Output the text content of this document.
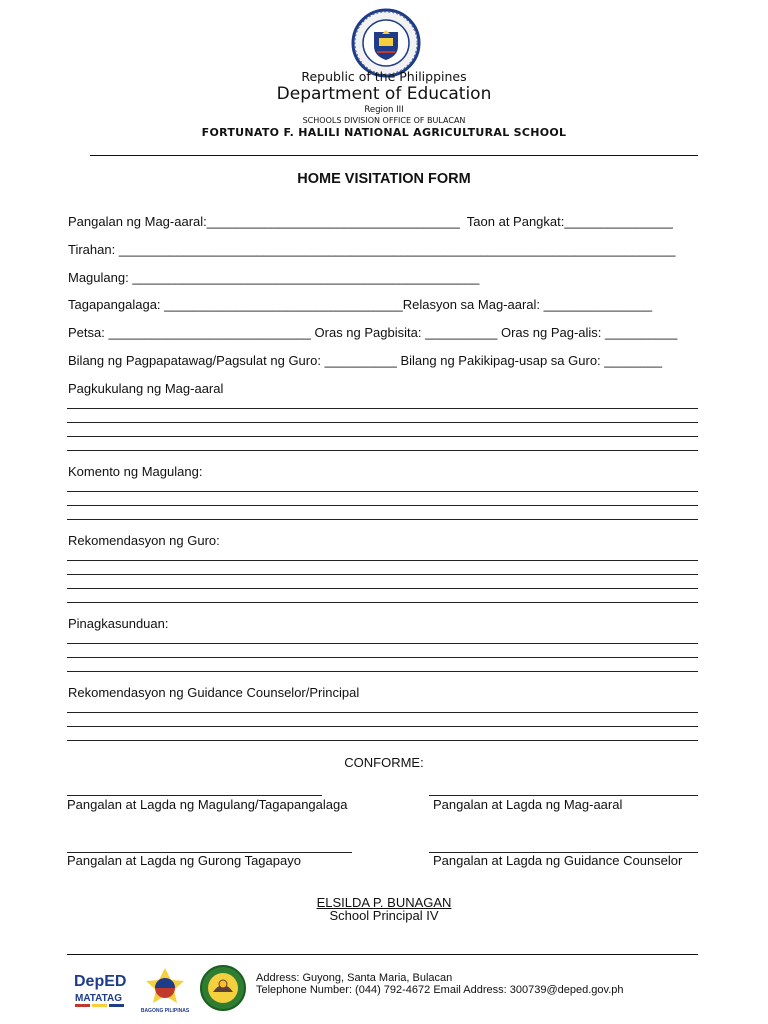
Republic of the Philippines
Department of Education
Region III
SCHOOLS DIVISION OFFICE OF BULACAN
FORTUNATO F. HALILI NATIONAL AGRICULTURAL SCHOOL
HOME VISITATION FORM
Pangalan ng Mag-aaral:___________________________________  Taon at Pangkat:_______________
Tirahan: _____________________________________________________________________________
Magulang: ________________________________________________
Tagapangalaga: _________________________________Relasyon sa Mag-aaral: _______________
Petsa: ____________________________ Oras ng Pagbisita: __________ Oras ng Pag-alis: __________
Bilang ng Pagpapatawag/Pagsulat ng Guro: __________ Bilang ng Pakikipag-usap sa Guro: ________
Pagkukulang ng Mag-aaral
Komento ng Magulang:
Rekomendasyon ng Guro:
Pinagkasunduan:
Rekomendasyon ng Guidance Counselor/Principal
CONFORME:
Pangalan at Lagda ng Magulang/Tagapangalaga	Pangalan at Lagda ng Mag-aaral
Pangalan at Lagda ng Gurong Tagapayo	Pangalan at Lagda ng Guidance Counselor
ELSILDA P. BUNAGAN
School Principal IV
DepED
MATATAG
BAGONG PILIPINAS
Address: Guyong, Santa Maria, Bulacan
Telephone Number: (044) 792-4672 Email Address: 300739@deped.gov.ph
